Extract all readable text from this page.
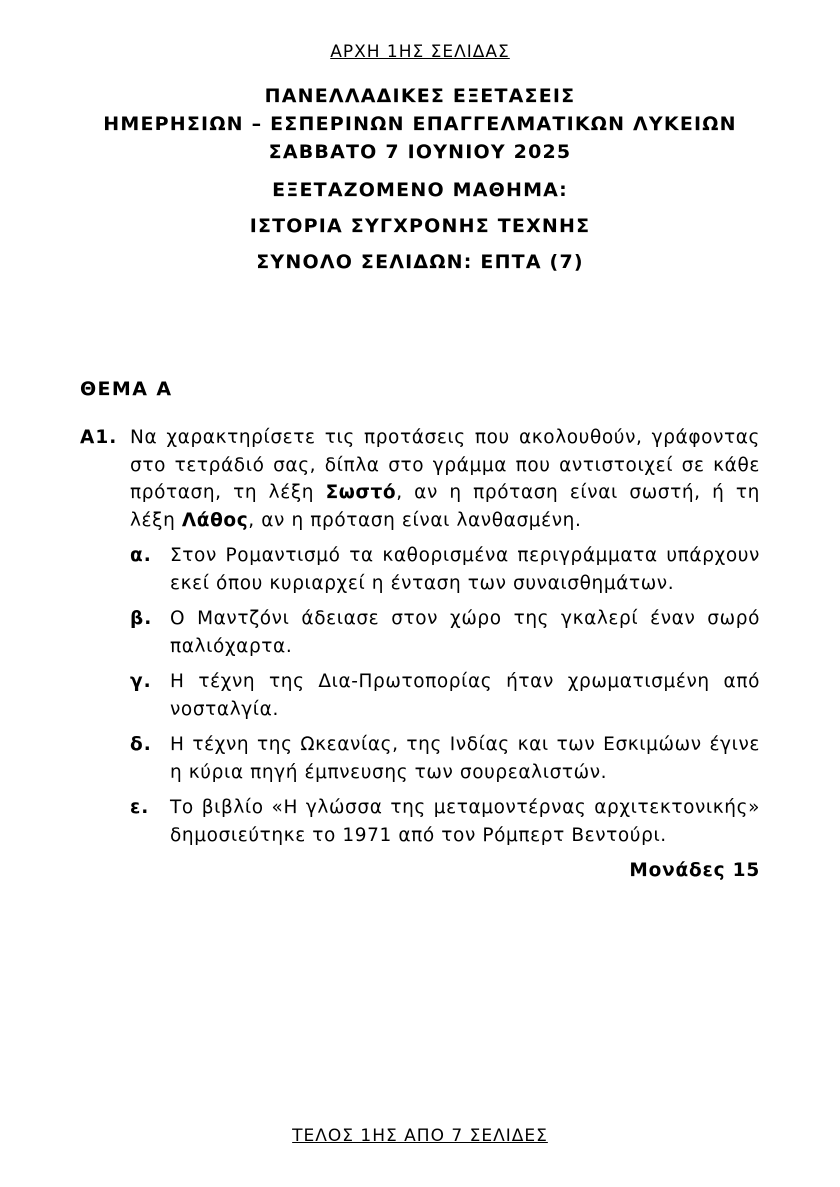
ΑΡΧΗ 1ΗΣ ΣΕΛΙΔΑΣ
ΠΑΝΕΛΛΑΔΙΚΕΣ ΕΞΕΤΑΣΕΙΣ
ΗΜΕΡΗΣΙΩΝ – ΕΣΠΕΡΙΝΩΝ ΕΠΑΓΓΕΛΜΑΤΙΚΩΝ ΛΥΚΕΙΩΝ
ΣΑΒΒΑΤΟ 7 ΙΟΥΝΙΟΥ 2025
ΕΞΕΤΑΖΟΜΕΝΟ ΜΑΘΗΜΑ:
ΙΣΤΟΡΙΑ ΣΥΓΧΡΟΝΗΣ ΤΕΧΝΗΣ
ΣΥΝΟΛΟ ΣΕΛΙΔΩΝ: ΕΠΤΑ (7)
ΘΕΜΑ Α
Α1. Να χαρακτηρίσετε τις προτάσεις που ακολουθούν, γράφοντας στο τετράδιό σας, δίπλα στο γράμμα που αντιστοιχεί σε κάθε πρόταση, τη λέξη Σωστό, αν η πρόταση είναι σωστή, ή τη λέξη Λάθος, αν η πρόταση είναι λανθασμένη.
α. Στον Ρομαντισμό τα καθορισμένα περιγράμματα υπάρχουν εκεί όπου κυριαρχεί η ένταση των συναισθημάτων.
β. Ο Μαντζόνι άδειασε στον χώρο της γκαλερί έναν σωρό παλιόχαρτα.
γ. Η τέχνη της Δια-Πρωτοπορίας ήταν χρωματισμένη από νοσταλγία.
δ. Η τέχνη της Ωκεανίας, της Ινδίας και των Εσκιμώων έγινε η κύρια πηγή έμπνευσης των σουρεαλιστών.
ε.	Το βιβλίο «Η γλώσσα της μεταμοντέρνας αρχιτεκτονικής» δημοσιεύτηκε το 1971 από τον Ρόμπερτ Βεντούρι.
Μονάδες 15
ΤΕΛΟΣ 1ΗΣ ΑΠΟ 7 ΣΕΛΙΔΕΣ
